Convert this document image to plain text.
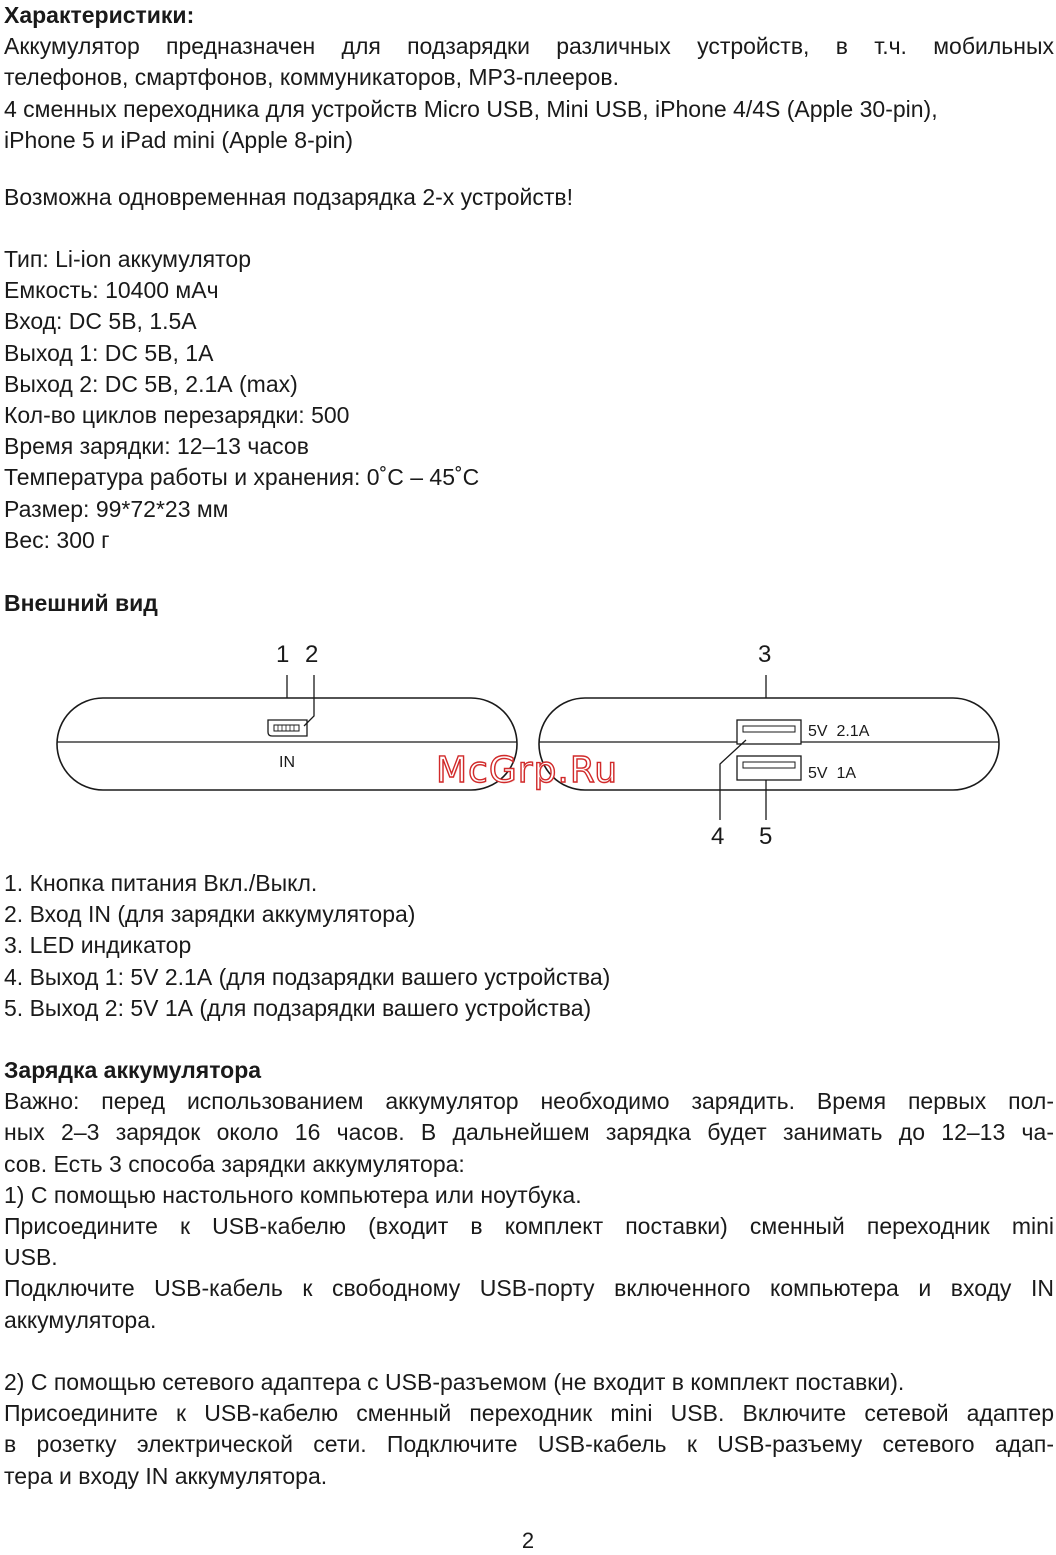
Характеристики:

Аккумулятор предназначен для подзарядки различных устройств, в т.ч. мобильных

телефонов, смартфонов, коммуникаторов, MP3-плееров.

4 сменных переходника для устройств Micro USB, Mini USB, iPhone 4/4S (Apple 30-pin),

iPhone 5 и iPad mini (Apple 8-pin)

Возможна одновременная подзарядка 2-х устройств!

Тип: Li-ion аккумулятор

Емкость: 10400 мАч

Вход: DC 5В, 1.5А

Выход 1: DC 5В, 1А

Выход 2: DC 5В, 2.1А (max)

Кол-во циклов перезарядки: 500

Время зарядки: 12–13 часов

Температура работы и хранения: 0˚С – 45˚С

Размер: 99*72*23 мм

Вес: 300 г

Внешний вид

IN
1 2
5V  2.1A
5V  1A
3
4 5
McGrp.Ru

1. Кнопка питания Вкл./Выкл.

2. Вход IN (для зарядки аккумулятора)

3. LED индикатор

4. Выход 1: 5V 2.1А (для подзарядки вашего устройства)

5. Выход 2: 5V 1А (для подзарядки вашего устройства)

Зарядка аккумулятора

Важно: перед использованием аккумулятор необходимо зарядить. Время первых пол-

ных 2–3 зарядок около 16 часов. В дальнейшем зарядка будет занимать до 12–13 ча-

сов. Есть 3 способа зарядки аккумулятора:

1) С помощью настольного компьютера или ноутбука.

Присоедините к USB-кабелю (входит в комплект поставки) сменный переходник mini

USB.

Подключите USB-кабель к свободному USB-порту включенного компьютера и входу IN

аккумулятора.

2) С помощью сетевого адаптера с USB-разъемом (не входит в комплект поставки).

Присоедините к USB-кабелю сменный переходник mini USB. Включите сетевой адаптер

в розетку электрической сети. Подключите USB-кабель к USB-разъему сетевого адап-

тера и входу IN аккумулятора.

2
